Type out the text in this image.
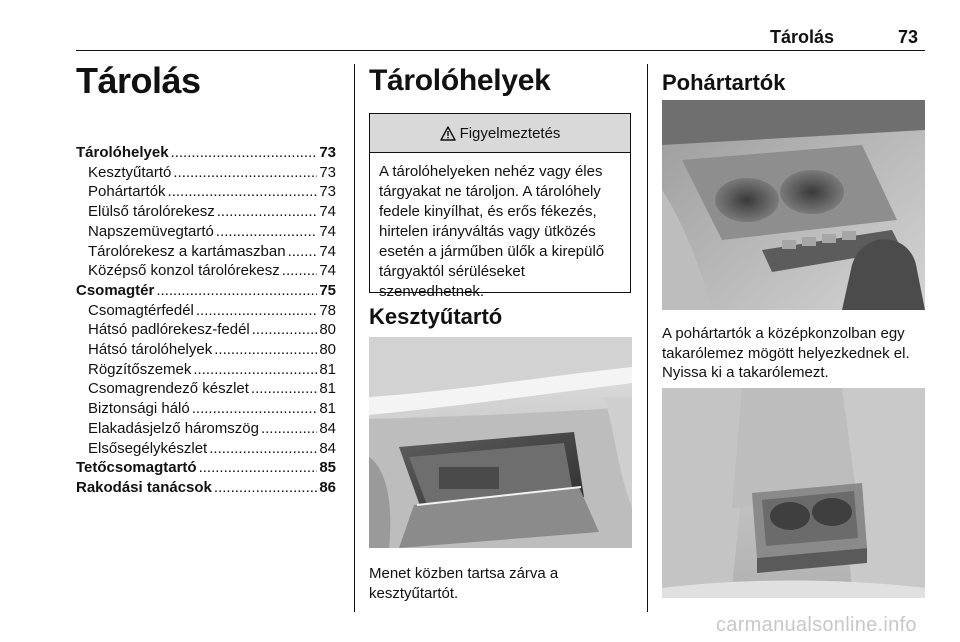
Tárolás	73
Tárolás
Tárolóhelyek .....	73
Kesztyűtartó .....	73
Pohártartók .....	73
Elülső tárolórekesz .....	74
Napszemüvegtartó .....	74
Tárolórekesz a kartámaszban ..... 74
Középső konzol tárolórekesz .....	74
Csomagtér .....	75
Csomagtérfedél .....	78
Hátsó padlórekesz-fedél .....	80
Hátsó tárolóhelyek .....	80
Rögzítőszemek .....	81
Csomagrendező készlet .....	81
Biztonsági háló .....	81
Elakadásjelző háromszög .....	84
Elsősegélykészlet .....	84
Tetőcsomagtartó .....	85
Rakodási tanácsok .....	86
Tárolóhelyek
Figyelmeztetés
A tárolóhelyeken nehéz vagy éles tárgyakat ne tároljon. A tárolóhely fedele kinyílhat, és erős fékezés, hirtelen irányváltás vagy ütközés esetén a járműben ülők a kirepülő tárgyaktól sérüléseket szenvedhetnek.
Kesztyűtartó
Menet közben tartsa zárva a kesztyűtartót.
Pohártartók
A pohártartók a középkonzolban egy takarólemez mögött helyezkednek el. Nyissa ki a takarólemezt.
carmanualsonline.info
